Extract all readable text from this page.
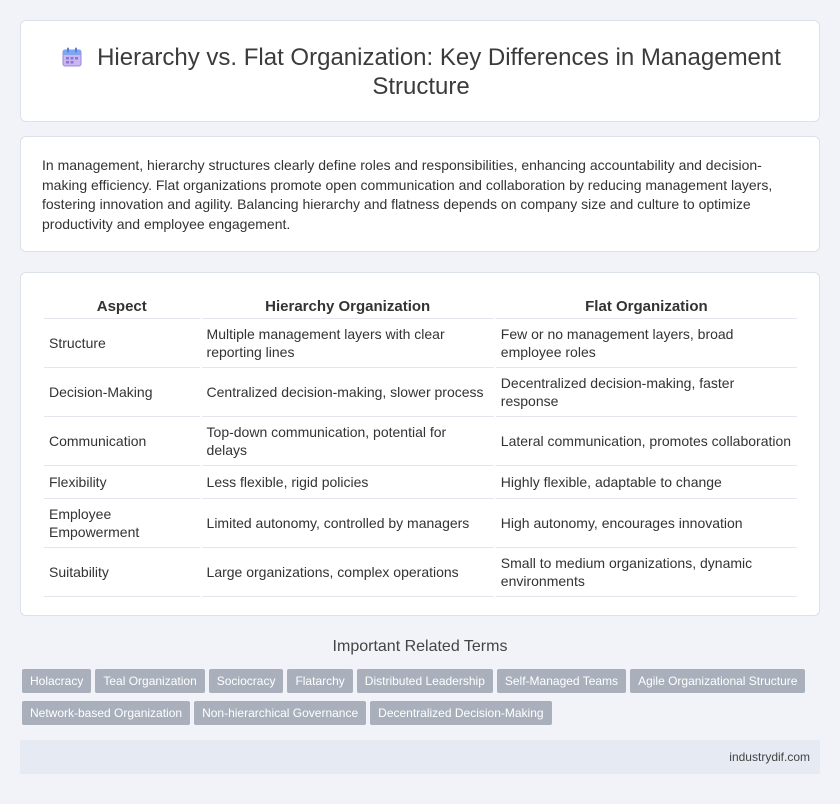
Hierarchy vs. Flat Organization: Key Differences in Management Structure

In management, hierarchy structures clearly define roles and responsibilities, enhancing accountability and decision-making efficiency. Flat organizations promote open communication and collaboration by reducing management layers, fostering innovation and agility. Balancing hierarchy and flatness depends on company size and culture to optimize productivity and employee engagement.

Aspect	Hierarchy Organization	Flat Organization
Structure	Multiple management layers with clear reporting lines	Few or no management layers, broad employee roles
Decision-Making	Centralized decision-making, slower process	Decentralized decision-making, faster response
Communication	Top-down communication, potential for delays	Lateral communication, promotes collaboration
Flexibility	Less flexible, rigid policies	Highly flexible, adaptable to change
Employee Empowerment	Limited autonomy, controlled by managers	High autonomy, encourages innovation
Suitability	Large organizations, complex operations	Small to medium organizations, dynamic environments
Important Related Terms
Holacracy Teal Organization Sociocracy Flatarchy Distributed Leadership Self-Managed Teams Agile Organizational StructureNetwork-based Organization Non-hierarchical Governance Decentralized Decision-Making
industrydif.com
